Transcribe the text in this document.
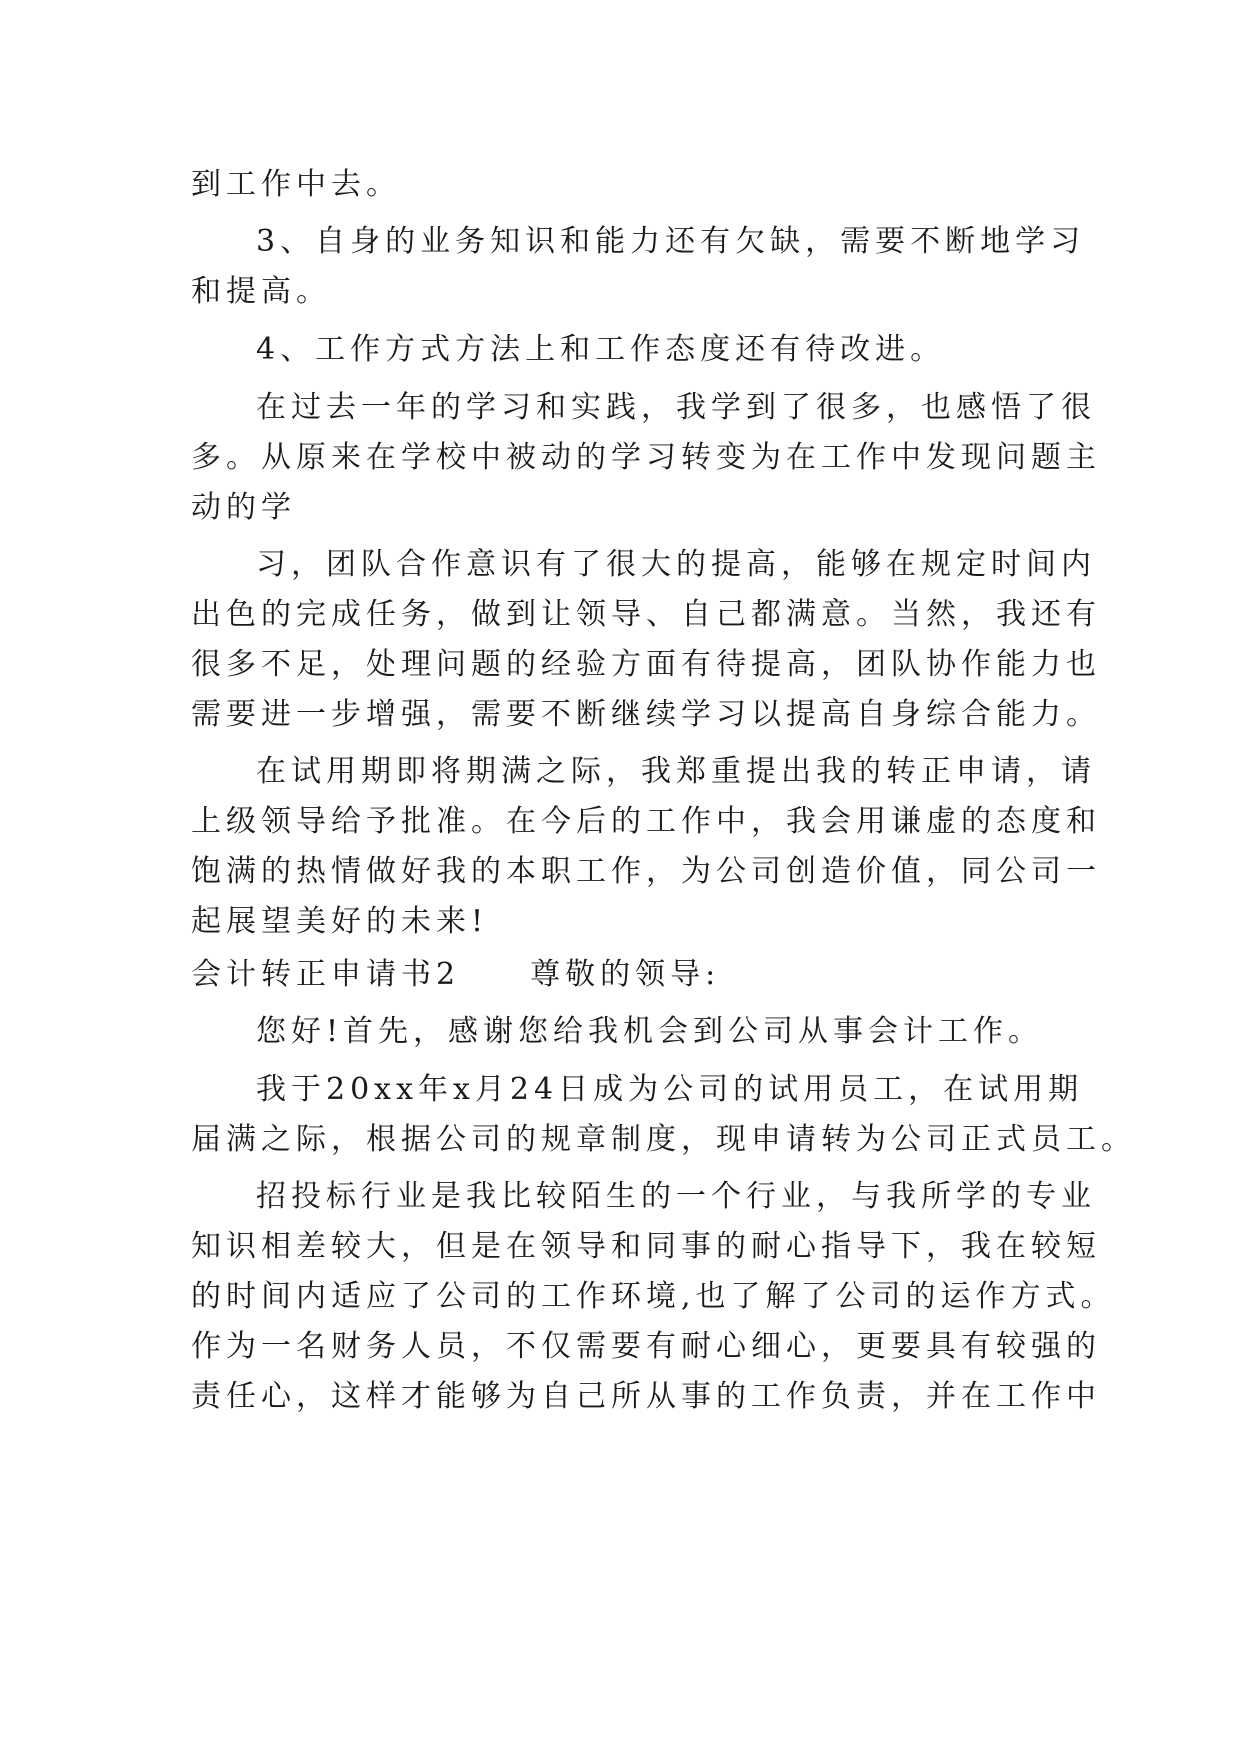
到工作中去。
3、自身的业务知识和能力还有欠缺，需要不断地学习
和提高。
4、工作方式方法上和工作态度还有待改进。
在过去一年的学习和实践，我学到了很多，也感悟了很
多。从原来在学校中被动的学习转变为在工作中发现问题主
动的学
习，团队合作意识有了很大的提高，能够在规定时间内
出色的完成任务，做到让领导、自己都满意。当然，我还有
很多不足，处理问题的经验方面有待提高，团队协作能力也
需要进一步增强，需要不断继续学习以提高自身综合能力。
在试用期即将期满之际，我郑重提出我的转正申请，请
上级领导给予批准。在今后的工作中，我会用谦虚的态度和
饱满的热情做好我的本职工作，为公司创造价值，同公司一
起展望美好的未来!
会计转正申请书2　　尊敬的领导:
您好!首先，感谢您给我机会到公司从事会计工作。
我于20xx年x月24日成为公司的试用员工，在试用期
届满之际，根据公司的规章制度，现申请转为公司正式员工。
招投标行业是我比较陌生的一个行业，与我所学的专业
知识相差较大，但是在领导和同事的耐心指导下，我在较短
的时间内适应了公司的工作环境,也了解了公司的运作方式。
作为一名财务人员，不仅需要有耐心细心，更要具有较强的
责任心，这样才能够为自己所从事的工作负责，并在工作中
